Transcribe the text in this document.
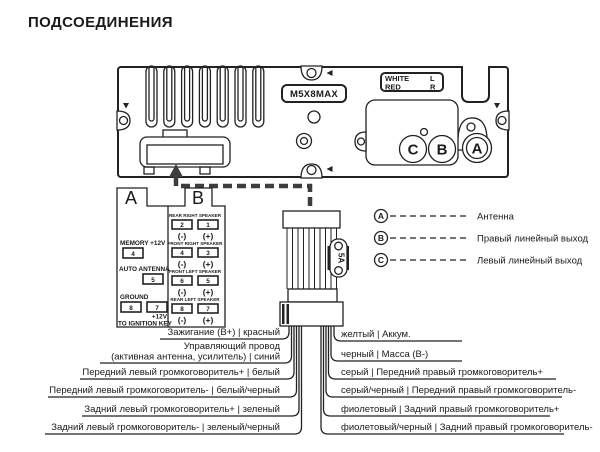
ПОДСОЕДИНЕНИЯ
M5X8MAX
WHITE	L
RED	R
C B A
A	B
MEMORY +12V
4
AUTO ANTENNA
5
GROUND
8	7
+12V
TO IGNITION KEY
REAR RIGHT SPEAKER
2	1
(-) (+)
FRONT RIGHT SPEAKER
4	3
(-) (+)
FRONT LEFT SPEAKER
6	5
(-) (+)
REAR LEFT SPEAKER
8	7
(-) (+)
5A
A	Антенна
B	Правый линейный выход
C	Левый линейный выход
Зажигание (В+) | красный
Управляющий провод
(активная антенна, усилитель) | синий
Передний левый громкоговоритель+ | белый
Передний левый громкоговоритель- | белый/черный
Задний левый громкоговоритель+ | зеленый
Задний левый громкоговоритель- | зеленый/черный
желтый | Аккум.
черный | Масса (В-)
серый | Передний правый громкоговоритель+
серый/черный | Передний правый громкоговоритель-
фиолетовый | Задний правый громкоговоритель+
фиолетовый/черный | Задний правый громкоговоритель-
